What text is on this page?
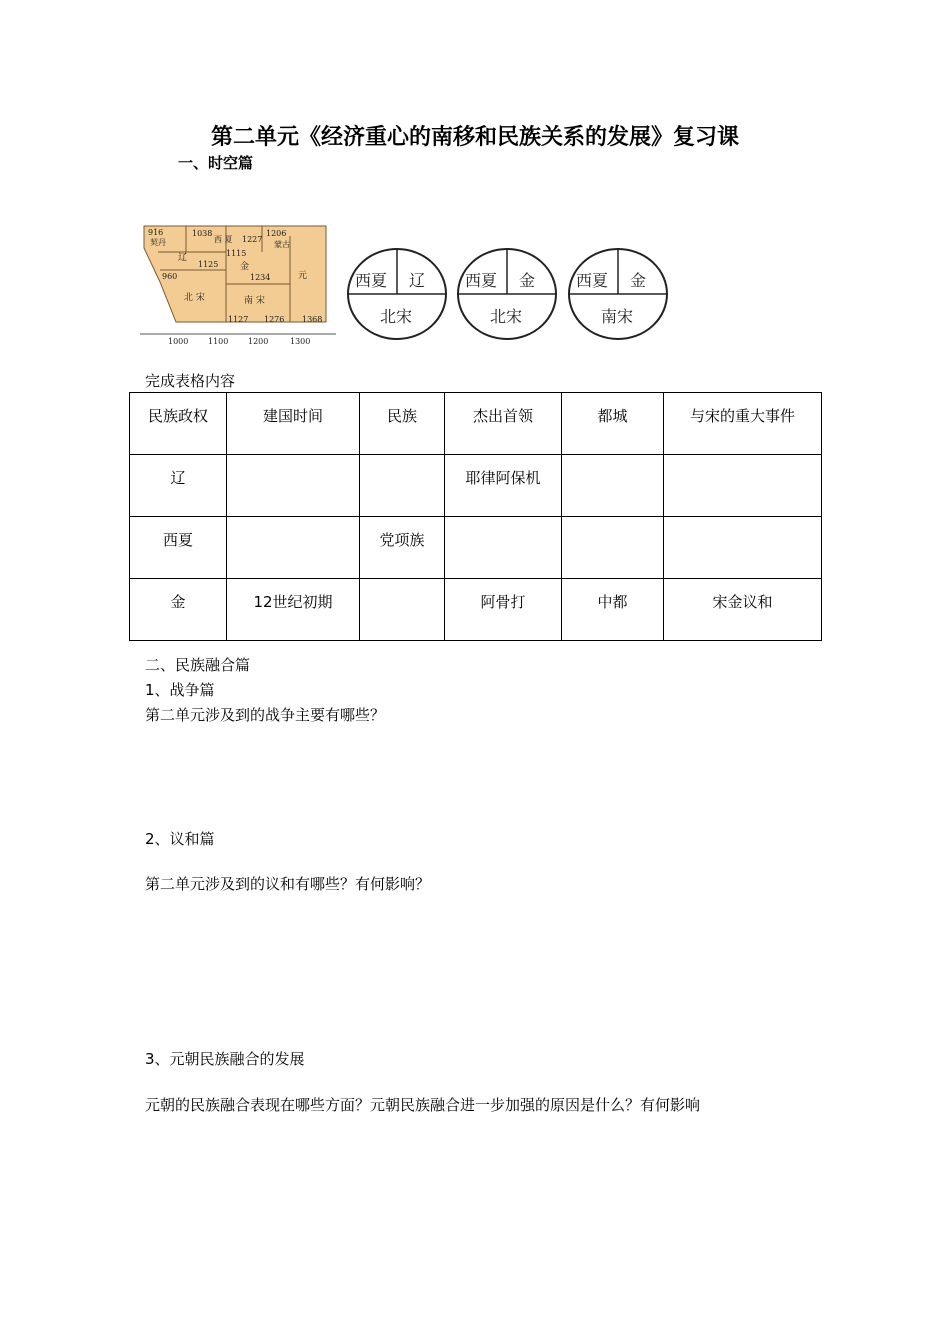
第二单元《经济重心的南移和民族关系的发展》复习课
一、时空篇
916
契丹
辽
1125
1038
西 夏 1227
1206
蒙古
1115
金
1234	元
1368
960
北 宋	南 宋
1127 1276
1000 1100 1200	1300
西夏 辽
北宋
西夏 金
北宋
西夏 金
南宋
完成表格内容
民族政权	建国时间	民族	杰出首领	都城	与宋的重大事件
辽			耶律阿保机		
西夏		党项族			
金	12世纪初期		阿骨打	中都	宋金议和
二、民族融合篇
1、战争篇
第二单元涉及到的战争主要有哪些？
2、议和篇
第二单元涉及到的议和有哪些？有何影响？
3、元朝民族融合的发展
元朝的民族融合表现在哪些方面？元朝民族融合进一步加强的原因是什么？有何影响
